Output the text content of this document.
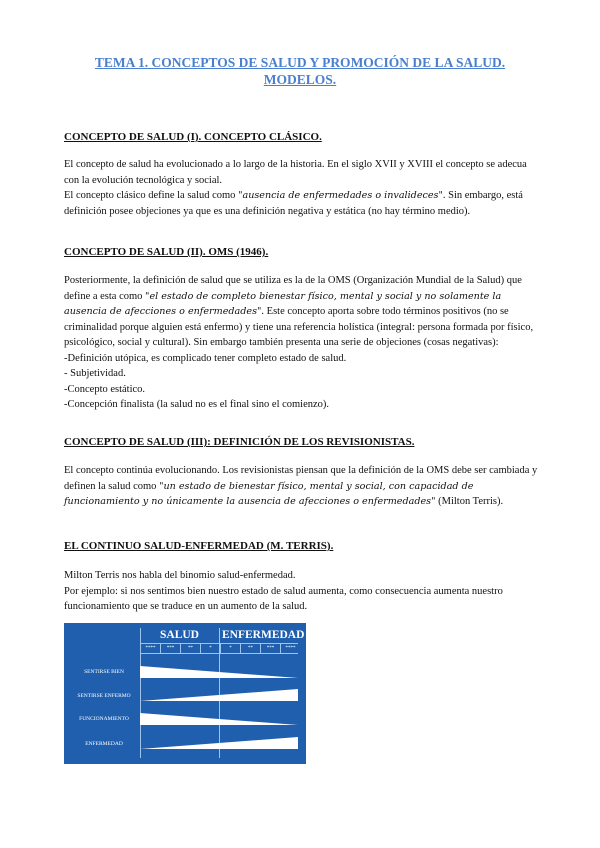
TEMA 1. CONCEPTOS DE SALUD Y PROMOCIÓN DE LA SALUD. MODELOS.
CONCEPTO DE SALUD (I). CONCEPTO CLÁSICO.

El concepto de salud ha evolucionado a lo largo de la historia. En el siglo XVII y XVIII el concepto se adecua con la evolución tecnológica y social.

El concepto clásico define la salud como "ausencia de enfermedades o invalideces". Sin embargo, está definición posee objeciones ya que es una definición negativa y estática (no hay término medio).

CONCEPTO DE SALUD (II). OMS (1946).

Posteriormente, la definición de salud que se utiliza es la de la OMS (Organización Mundial de la Salud) que define a esta como "el estado de completo bienestar físico, mental y social y no solamente la ausencia de afecciones o enfermedades". Este concepto aporta sobre todo términos positivos (no se criminalidad porque alguien está enfermo) y tiene una referencia holística (integral: persona formada por físico, psicológico, social y cultural). Sin embargo también presenta una serie de objeciones (cosas negativas):

-Definición utópica, es complicado tener completo estado de salud.

- Subjetividad.

-Concepto estático.

-Concepción finalista (la salud no es el final sino el comienzo).

CONCEPTO DE SALUD (III): DEFINICIÓN DE LOS REVISIONISTAS.

El concepto continúa evolucionando. Los revisionistas piensan que la definición de la OMS debe ser cambiada y definen la salud como "un estado de bienestar físico, mental y social, con capacidad de funcionamiento y no únicamente la ausencia de afecciones o enfermedades" (Milton Terris).

EL CONTINUO SALUD-ENFERMEDAD (M. TERRIS).

Milton Terris nos habla del binomio salud-enfermedad.

Por ejemplo: si nos sentimos bien nuestro estado de salud aumenta, como consecuencia aumenta nuestro funcionamiento que se traduce en un aumento de la salud.

SALUD ENFERMEDAD
****	***	**	*	*	**	***	****
SENTIRSE BIEN
SENTIRSE ENFERMO
FUNCIONAMIENTO
ENFERMEDAD
